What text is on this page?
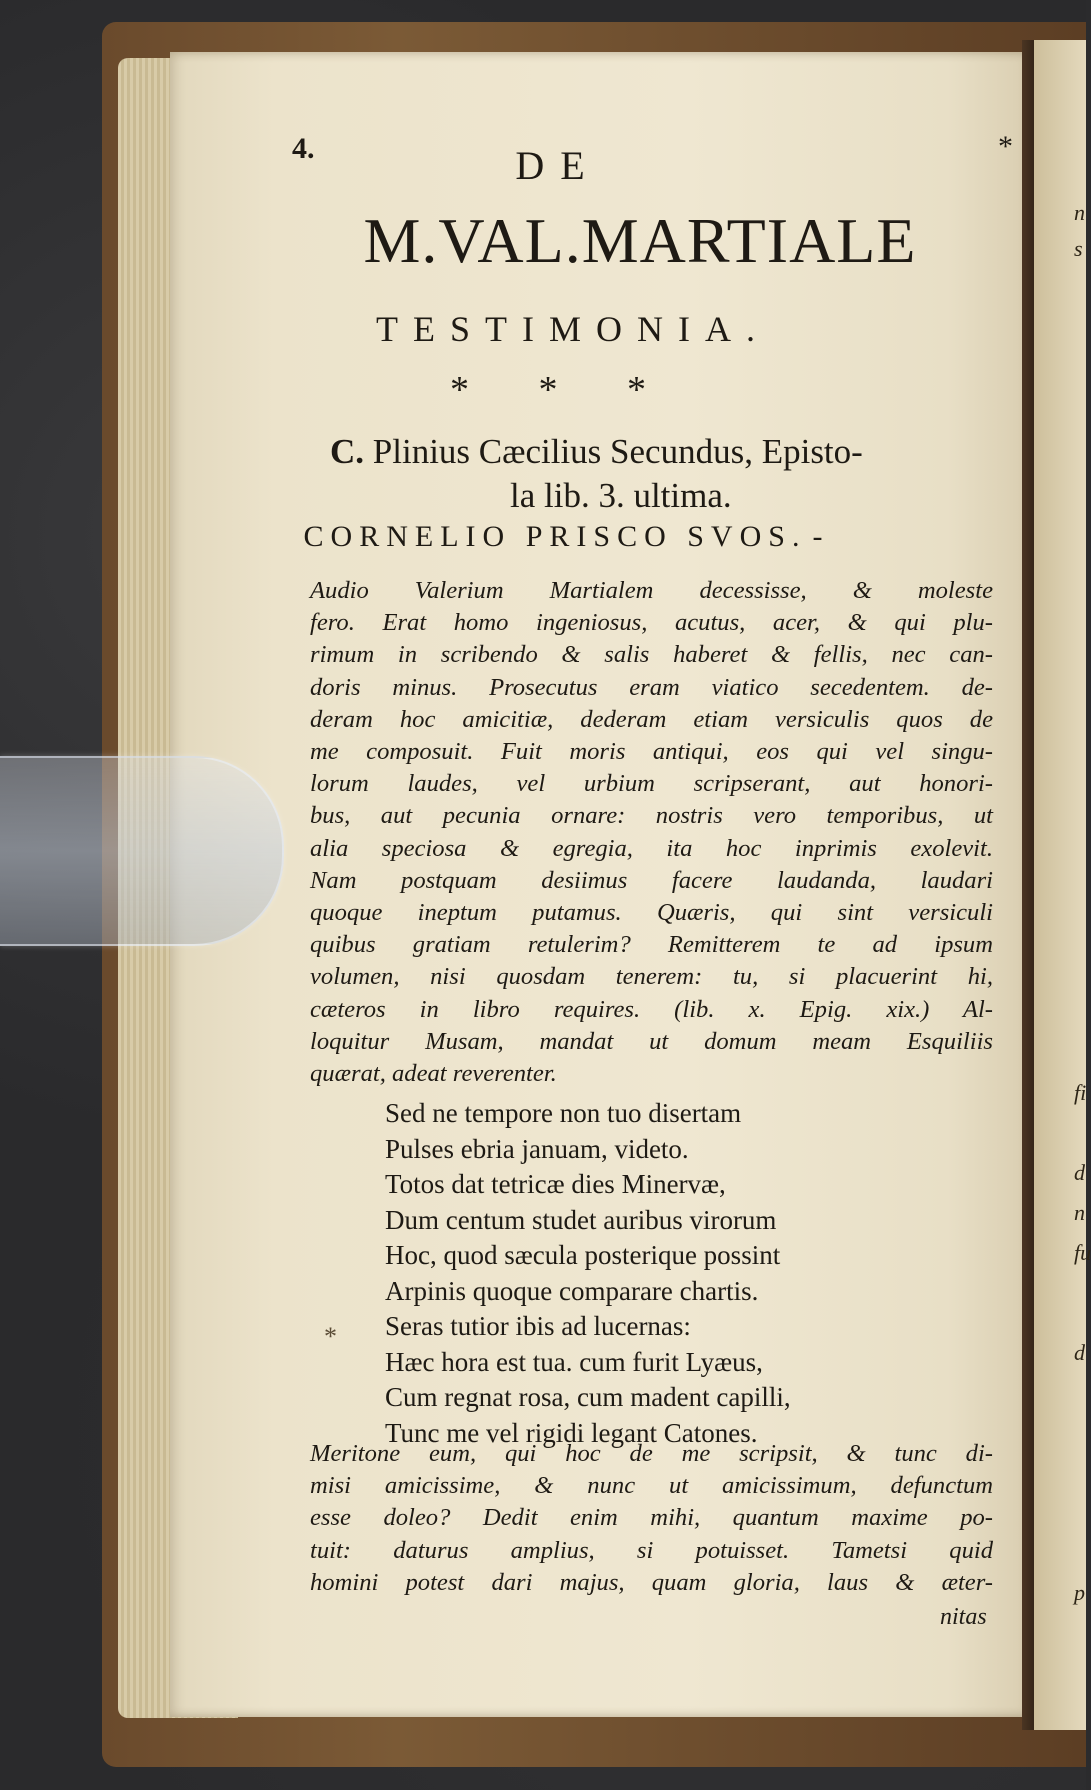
n
s
fi
d
n
fu
d
p
4.	*
DE
M.VAL.MARTIALE
TESTIMONIA.
* * *
C. Plinius Cæcilius Secundus, Episto-
la lib. 3. ultima.
CORNELIO PRISCO SVOS. -
Audio Valerium Martialem decessisse, & moleste
fero. Erat homo ingeniosus, acutus, acer, & qui plu-
rimum in scribendo & salis haberet & fellis, nec can-
doris minus. Prosecutus eram viatico secedentem. de-
deram hoc amicitiæ, dederam etiam versiculis quos de
me composuit. Fuit moris antiqui, eos qui vel singu-
lorum laudes, vel urbium scripserant, aut honori-
bus, aut pecunia ornare: nostris vero temporibus, ut
alia speciosa & egregia, ita hoc inprimis exolevit.
Nam postquam desiimus facere laudanda, laudari
quoque ineptum putamus. Quæris, qui sint versiculi
quibus gratiam retulerim? Remitterem te ad ipsum
volumen, nisi quosdam tenerem: tu, si placuerint hi,
cæteros in libro requires. (lib. x. Epig. xix.) Al-
loquitur Musam, mandat ut domum meam Esquiliis
quærat, adeat reverenter.
Sed ne tempore non tuo disertam
Pulses ebria januam, videto.
Totos dat tetricæ dies Minervæ,
Dum centum studet auribus virorum
Hoc, quod sæcula posterique possint
Arpinis quoque comparare chartis.
Seras tutior ibis ad lucernas:
Hæc hora est tua. cum furit Lyæus,
Cum regnat rosa, cum madent capilli,
Tunc me vel rigidi legant Catones.
*
Meritone eum, qui hoc de me scripsit, & tunc di-
misi amicissime, & nunc ut amicissimum, defunctum
esse doleo? Dedit enim mihi, quantum maxime po-
tuit: daturus amplius, si potuisset. Tametsi quid
homini potest dari majus, quam gloria, laus & æter-
nitas
